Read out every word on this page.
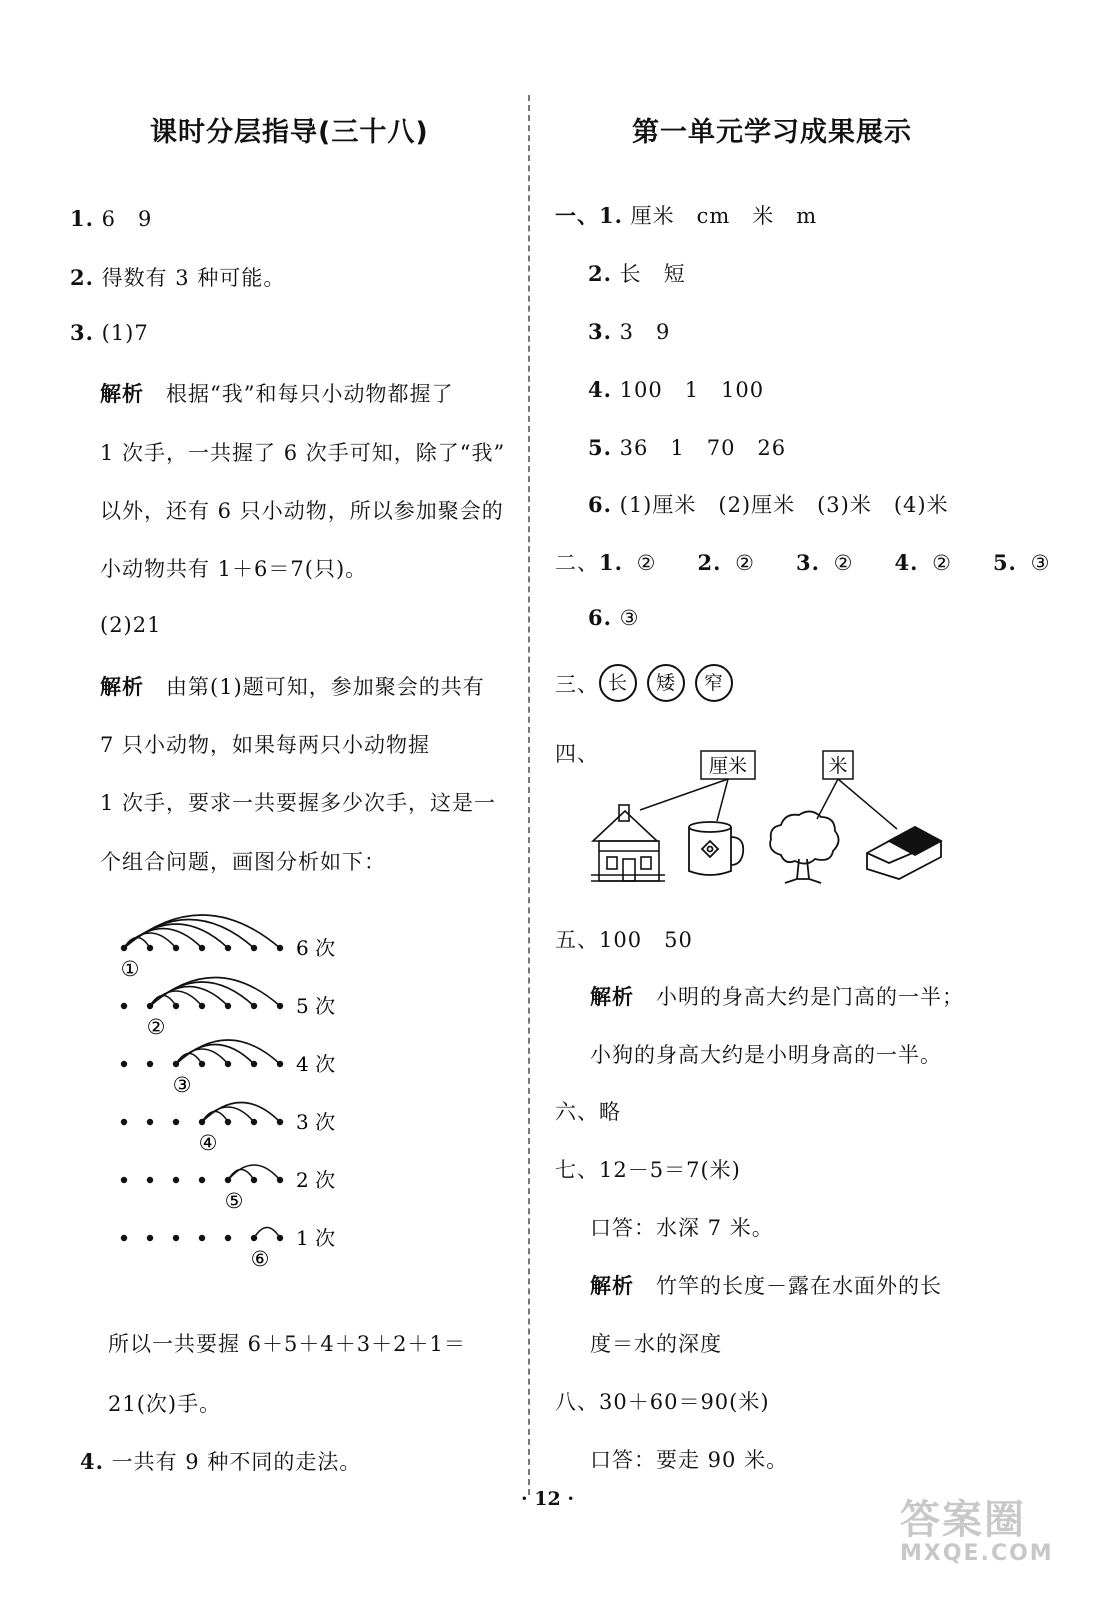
课时分层指导(三十八)
1. 6　9
2. 得数有 3 种可能。
3. (1)7
解析 根据“我”和每只小动物都握了
1 次手，一共握了 6 次手可知，除了“我”
以外，还有 6 只小动物，所以参加聚会的
小动物共有 1＋6＝7(只)。
(2)21
解析 由第(1)题可知，参加聚会的共有
7 只小动物，如果每两只小动物握
1 次手，要求一共要握多少次手，这是一
个组合问题，画图分析如下：
①
6 次
②
5 次
③
4 次
④
3 次
⑤
2 次
⑥
1 次
所以一共要握 6＋5＋4＋3＋2＋1＝
21(次)手。
4. 一共有 9 种不同的走法。
第一单元学习成果展示
一、1. 厘米　cm　米　m
2. 长　短
3. 3　9
4. 100　1　100
5. 36　1　70　26
6. (1)厘米　(2)厘米　(3)米　(4)米
二、1. ② 2. ② 3. ② 4. ② 5. ③
6. ③
三、 长 矮 窄
四、	厘米	米
五、100　50
解析 小明的身高大约是门高的一半；
小狗的身高大约是小明身高的一半。
六、略
七、12－5＝7(米)
口答：水深 7 米。
解析 竹竿的长度－露在水面外的长
度＝水的深度
八、30＋60＝90(米)
口答：要走 90 米。
· 12 ·	答案圈
MXQE.COM
